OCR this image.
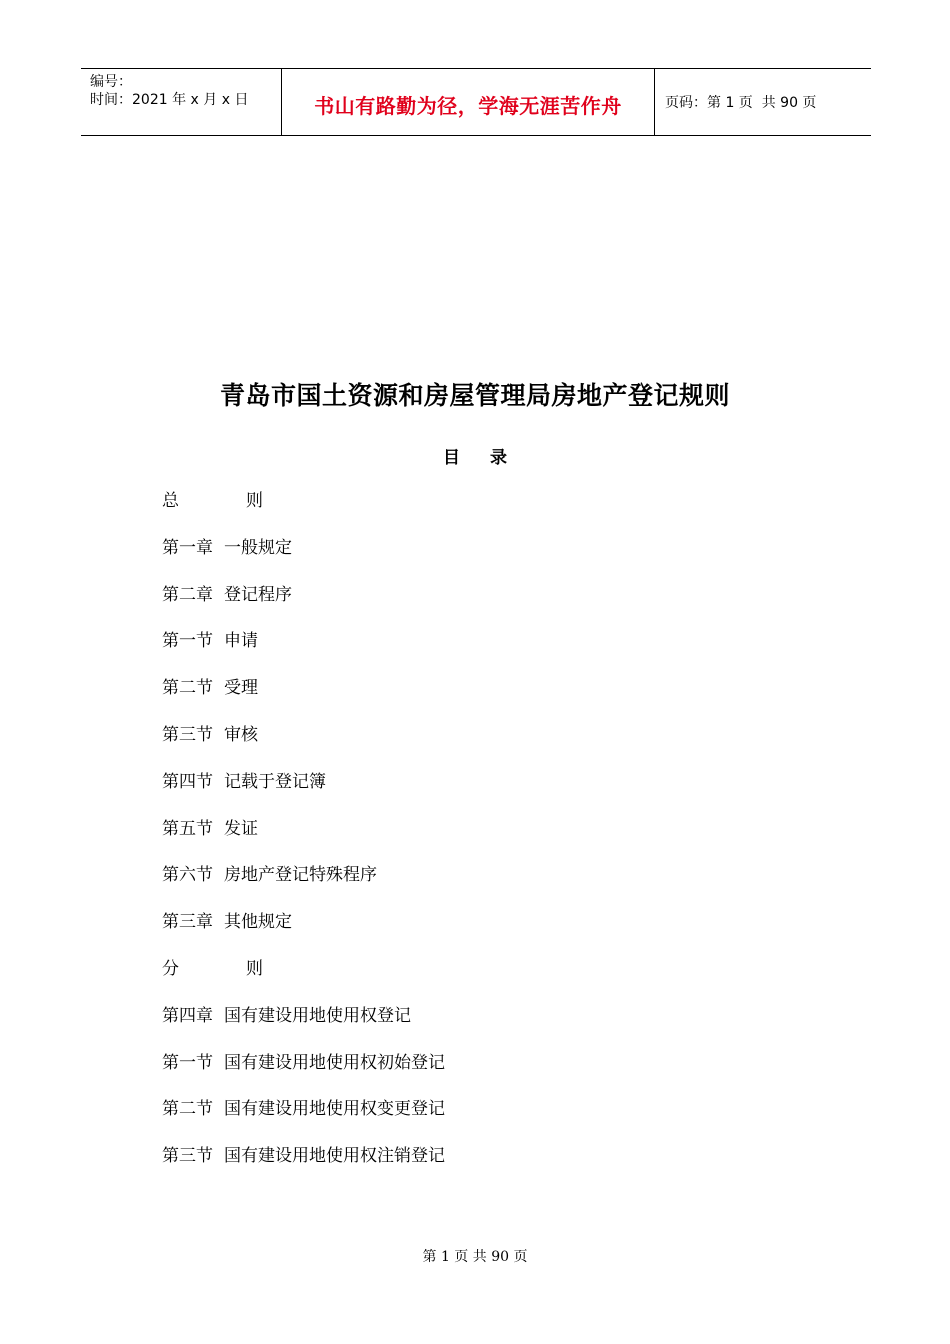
编号：
时间：2021 年 x 月 x 日	书山有路勤为径，学海无涯苦作舟	页码：第 1 页  共 90 页
青岛市国土资源和房屋管理局房地产登记规则
目 录
总	则
第一章 一般规定
第二章 登记程序
第一节 申请
第二节 受理
第三节 审核
第四节 记载于登记簿
第五节 发证
第六节 房地产登记特殊程序
第三章 其他规定
分	则
第四章 国有建设用地使用权登记
第一节 国有建设用地使用权初始登记
第二节 国有建设用地使用权变更登记
第三节 国有建设用地使用权注销登记
第 1 页 共 90 页
